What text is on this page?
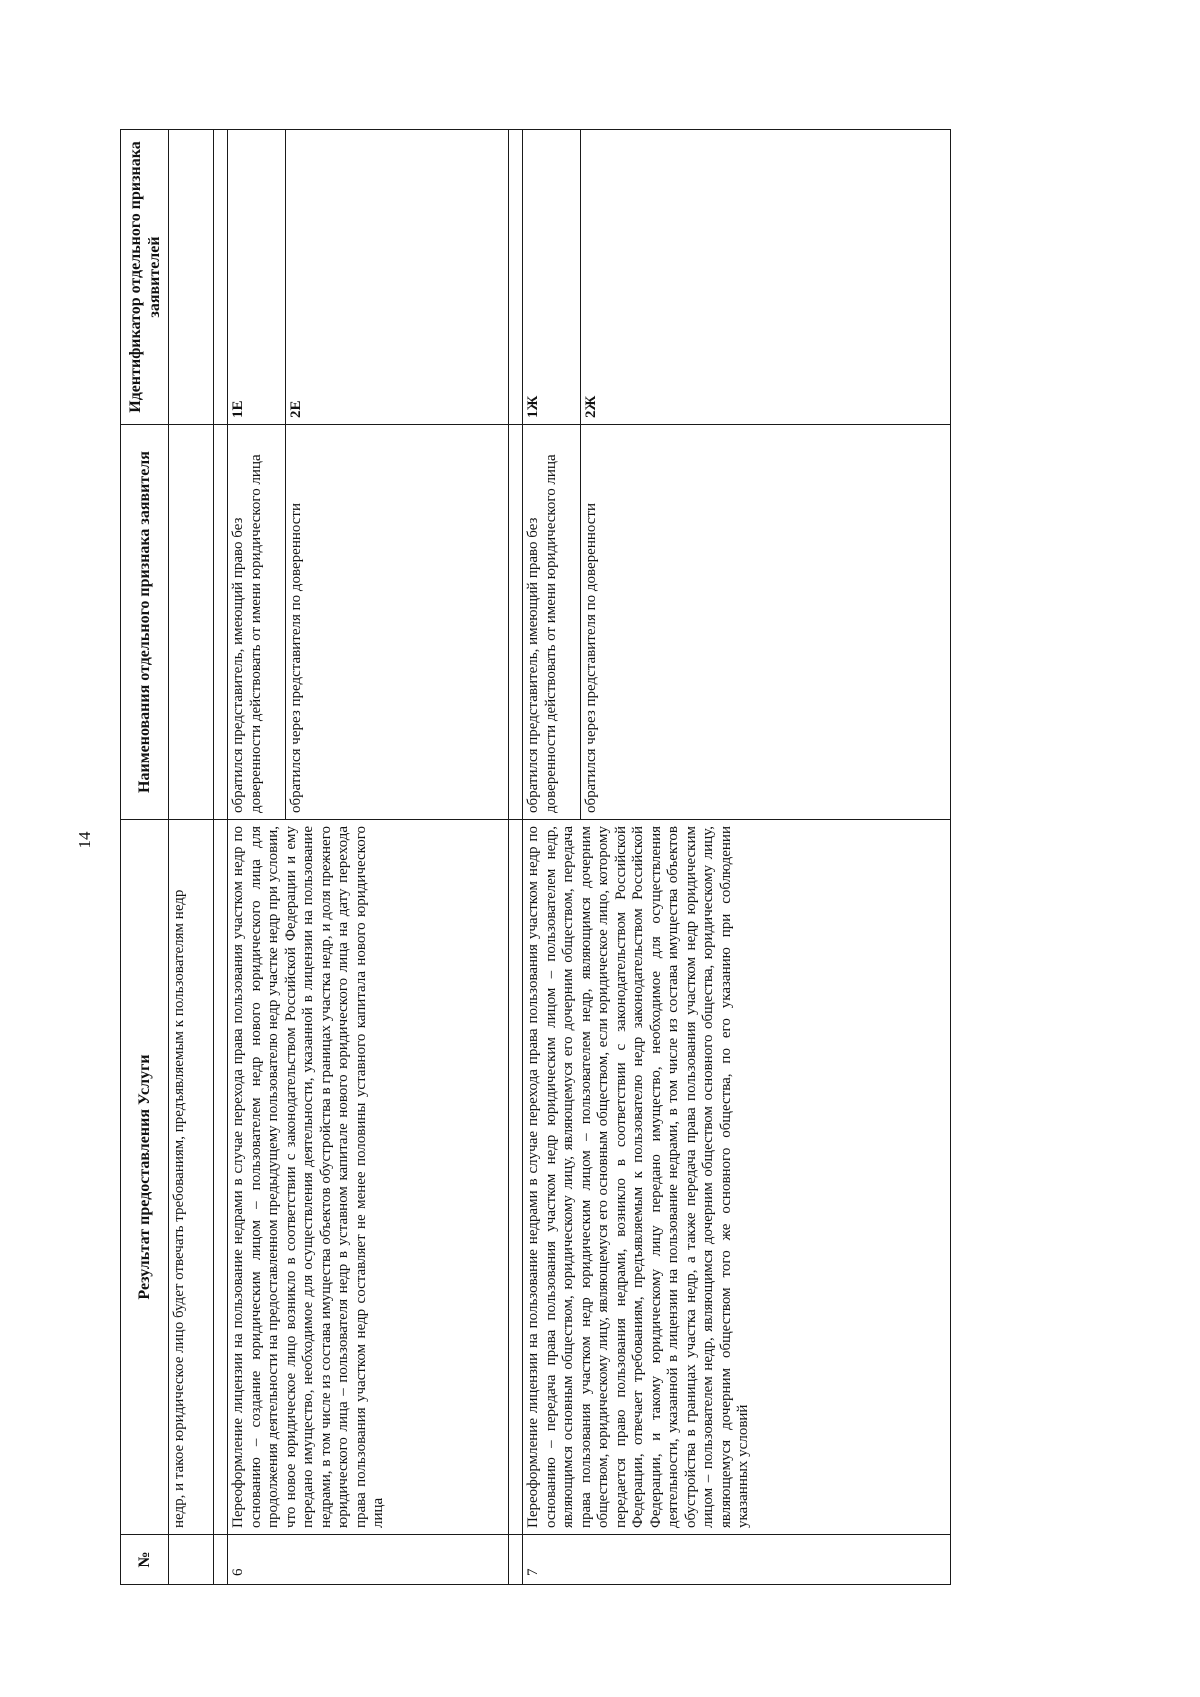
14
№	Результат предоставления Услуги	Наименования отдельного признака заявителя	Идентификатор отдельного признака заявителей
	недр, и такое юридическое лицо будет отвечать требованиям, предъявляемым к пользователям недр		

6	Переоформление лицензии на пользование недрами в случае перехода права пользования участком недр по основанию – создание юридическим лицом – пользователем недр нового юридического лица для продолжения деятельности на предоставленном предыдущему пользователю недр участке недр при условии, что новое юридическое лицо возникло в соответствии с законодательством Российской Федерации и ему передано имущество, необходимое для осуществления деятельности, указанной в лицензии на пользование недрами, в том числе из состава имущества объектов обустройства в границах участка недр, и доля прежнего юридического лица – пользователя недр в уставном капитале нового юридического лица на дату перехода права пользования участком недр составляет не менее половины уставного капитала нового юридического лица	обратился представитель, имеющий право без доверенности действовать от имени юридического лица	1Е
		обратился через представителя по доверенности	2Е

7	Переоформление лицензии на пользование недрами в случае перехода права пользования участком недр по основанию – передача права пользования участком недр юридическим лицом – пользователем недр, являющимся основным обществом, юридическому лицу, являющемуся его дочерним обществом, передача права пользования участком недр юридическим лицом – пользователем недр, являющимся дочерним обществом, юридическому лицу, являющемуся его основным обществом, если юридическое лицо, которому передается право пользования недрами, возникло в соответствии с законодательством Российской Федерации, отвечает требованиям, предъявляемым к пользователю недр законодательством Российской Федерации, и такому юридическому лицу передано имущество, необходимое для осуществления деятельности, указанной в лицензии на пользование недрами, в том числе из состава имущества объектов обустройства в границах участка недр, а также передача права пользования участком недр юридическим лицом – пользователем недр, являющимся дочерним обществом основного общества, юридическому лицу, являющемуся дочерним обществом того же основного общества, по его указанию при соблюдении указанных условий	обратился представитель, имеющий право без доверенности действовать от имени юридического лица	1Ж
		обратился через представителя по доверенности	2Ж
